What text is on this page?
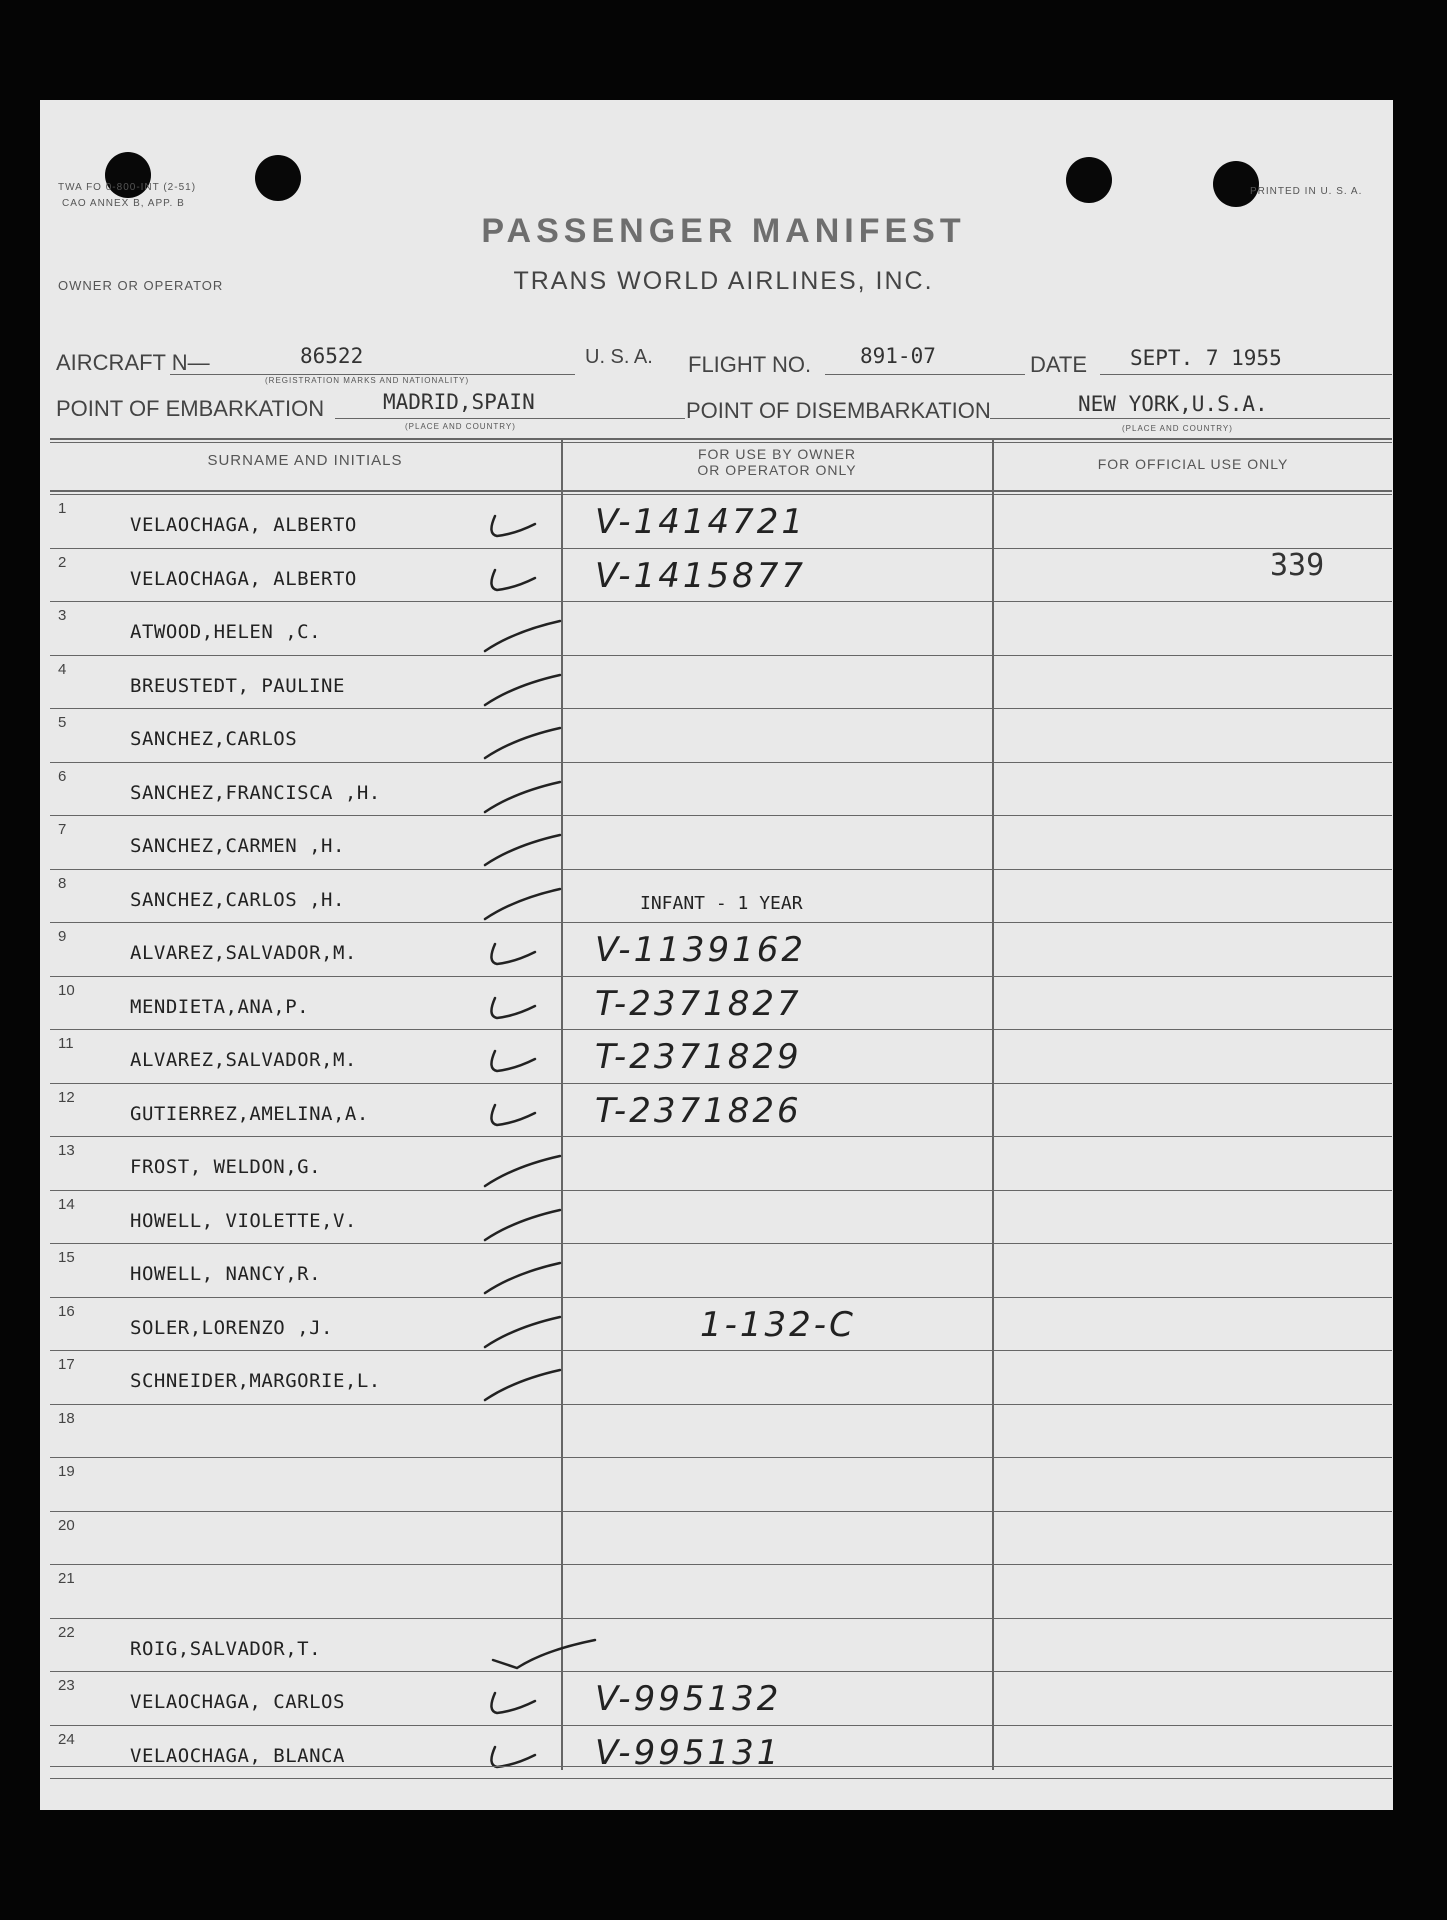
TWA FO 0-800-INT (2-51)
CAO ANNEX B, APP. B
PRINTED IN U. S. A.
PASSENGER MANIFEST
TRANS WORLD AIRLINES, INC.
OWNER OR OPERATOR
AIRCRAFT N—	86522	U. S. A. FLIGHT NO. 891-07	DATE SEPT. 7 1955
(REGISTRATION MARKS AND NATIONALITY)
POINT OF EMBARKATION	MADRID,SPAIN	POINT OF DISEMBARKATION	NEW YORK,U.S.A.
(PLACE AND COUNTRY)	(PLACE AND COUNTRY)
SURNAME AND INITIALS	FOR USE BY OWNER
OR OPERATOR ONLY	FOR OFFICIAL USE ONLY
1
VELAOCHAGA, ALBERTO	V-1414721
2
VELAOCHAGA, ALBERTO	V-1415877	339
3
ATWOOD,HELEN ,C.
4
BREUSTEDT, PAULINE
5
SANCHEZ,CARLOS
6
SANCHEZ,FRANCISCA ,H.
7
SANCHEZ,CARMEN ,H.
8
SANCHEZ,CARLOS ,H.	INFANT - 1 YEAR
9
ALVAREZ,SALVADOR,M.	V-1139162
10
MENDIETA,ANA,P.	T-2371827
11
ALVAREZ,SALVADOR,M.	T-2371829
12
GUTIERREZ,AMELINA,A.	T-2371826
13
FROST, WELDON,G.
14
HOWELL, VIOLETTE,V.
15
HOWELL, NANCY,R.
16
SOLER,LORENZO ,J.	1-132-C
17
SCHNEIDER,MARGORIE,L.
18
19
20
21
22
ROIG,SALVADOR,T.
23
VELAOCHAGA, CARLOS	V-995132
24
VELAOCHAGA, BLANCA	V-995131
